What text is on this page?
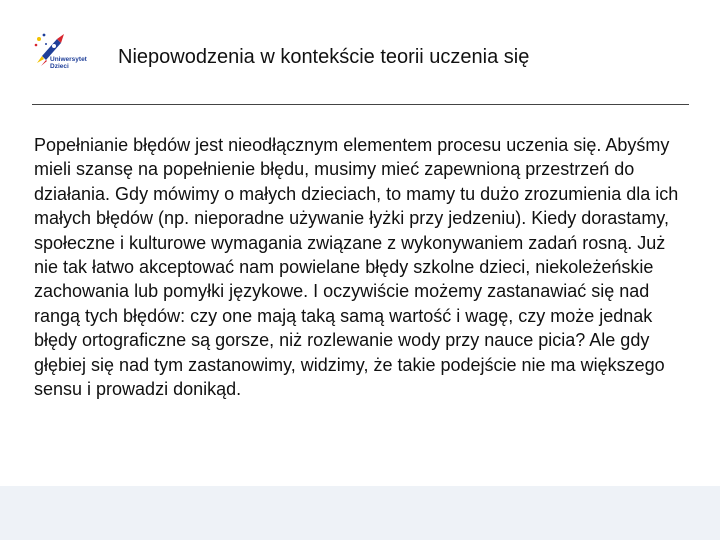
Uniwersytet
Dzieci	Niepowodzenia w kontekście teorii uczenia się
Popełnianie błędów jest nieodłącznym elementem procesu uczenia się. Abyśmy mieli szansę na popełnienie błędu, musimy mieć zapewnioną przestrzeń do działania. Gdy mówimy o małych dzieciach, to mamy tu dużo zrozumienia dla ich małych błędów (np. nieporadne używanie łyżki przy jedzeniu). Kiedy dorastamy, społeczne i kulturowe wymagania związane z wykonywaniem zadań rosną. Już nie tak łatwo akceptować nam powielane błędy szkolne dzieci, niekoleżeńskie zachowania lub pomyłki językowe. I oczywiście możemy zastanawiać się nad rangą tych błędów: czy one mają taką samą wartość i wagę, czy może jednak błędy ortograficzne są gorsze, niż rozlewanie wody przy nauce picia? Ale gdy głębiej się nad tym zastanowimy, widzimy, że takie podejście nie ma większego sensu i prowadzi donikąd.
